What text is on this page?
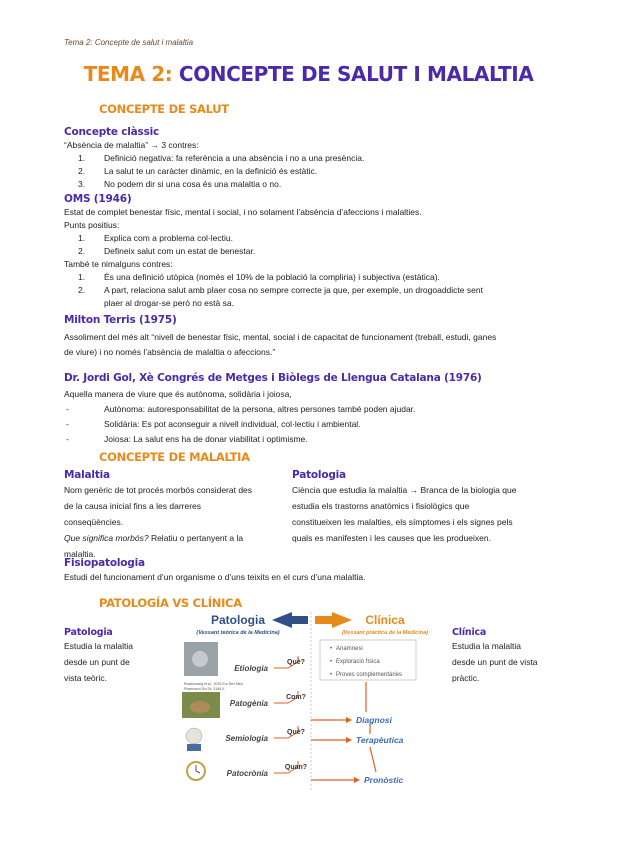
Tema 2: Concepte de salut i malaltia
TEMA 2: CONCEPTE DE SALUT I MALALTIA
CONCEPTE DE SALUT
Concepte clàssic
“Absència de malaltia” → 3 contres:
1. Definició negativa: fa referència a una absència i no a una presència.
2. La salut te un caràcter dinàmic, en la definició és estàtic.
3. No podem dir si una cosa és una malaltia o no.
OMS (1946)
Estat de complet benestar físic, mental i social, i no solament l’absència d’afeccions i malalties.
Punts positius:
1. Explica com a problema col·lectiu.
2. Defineix salut com un estat de benestar.
També te nimalguns contres:
1. És una definició utòpica (només el 10% de la població la compliria) i subjectiva (estàtica).
2. A part, relaciona salut amb plaer cosa no sempre correcte ja que, per exemple, un drogoaddicte sent
plaer al drogar-se però no està sa.
Milton Terris (1975)
Assoliment del més alt “nivell de benestar físic, mental, social i de capacitat de funcionament (treball, estudi, ganes
de viure) i no només l’absència de malaltia o afeccions.”
Dr. Jordi Gol, Xè Congrés de Metges i Biòlegs de Llengua Catalana (1976)
Aquella manera de viure que és autònoma, solidària i joiosa,
-	Autònoma: autoresponsabilitat de la persona, altres persones també poden ajudar.
-	Solidària: Es pot aconseguir a nivell individual, col·lectiu i ambiental.
-	Joiosa: La salut ens ha de donar viabilitat i optimisme.
CONCEPTE DE MALALTIA
Malaltia
Nom genèric de tot procés morbós considerat des
de la causa inicial fins a les darreres
conseqüències.
Que significa morbós? Relatiu o pertanyent a la
malaltia.
Patologia
Ciència que estudia la malaltia → Branca de la biologia que
estudia els trastorns anatòmics i fisiològics que
constitueixen les malalties, els símptomes i els signes pels
quals es manifesten i les causes que les produeixen.
Fisiopatologia
Estudi del funcionament d’un organisme o d’uns teixits en el curs d’una malaltia.
PATOLOGÍA VS CLÍNICA
Patologia
Estudia la malaltia
desde un punt de
vista teòric.
Clínica
Estudia la malaltia
desde un punt de vista
pràctic.
Patologia
(Vessant teòrica de la Medicina)
Clínica
(Vessant pràctica de la Medicina)
• Anamnesi
• Exploració física
• Proves complementàries
Rosenzweig et al., 2020 Eur Rev Med
Pharmacol Sci 24: 3196-9
Etiologia
Patogènia
Semiologia
Patocrònia
Què?
Com?
Què?
Quan?
Diagnosi
Terapèutica
Pronòstic
